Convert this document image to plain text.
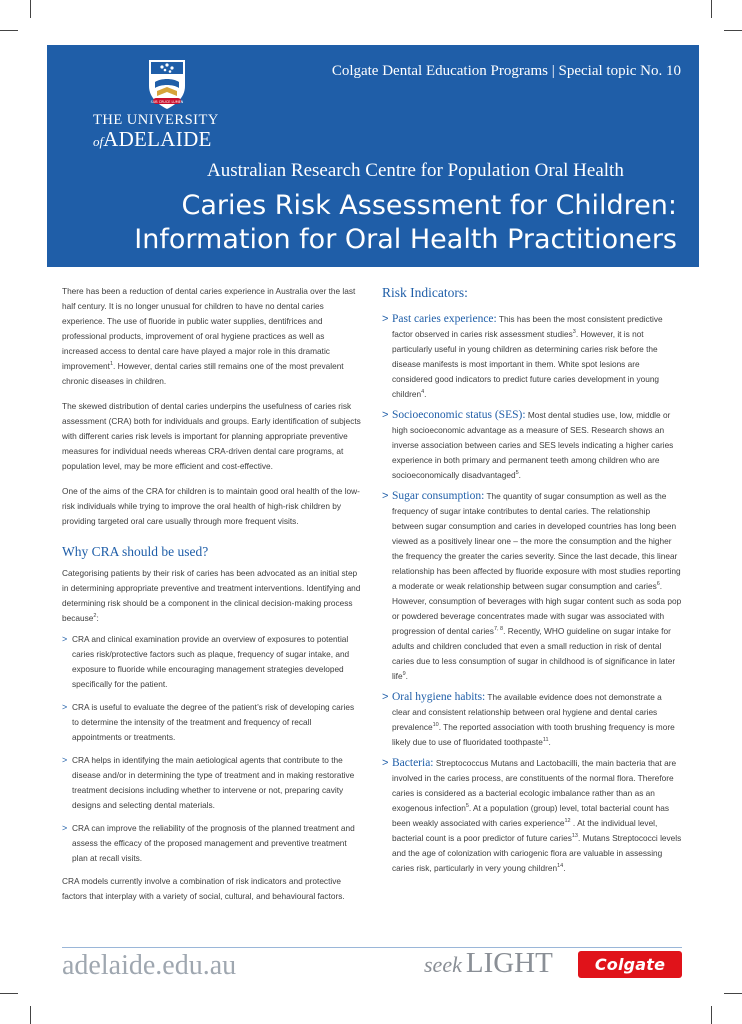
SUB CRUCE LUMEN
THE UNIVERSITY
ofADELAIDE
Colgate Dental Education Programs | Special topic No. 10
Australian Research Centre for Population Oral Health
Caries Risk Assessment for Children:
Information for Oral Health Practitioners

There has been a reduction of dental caries experience in Australia over the last half century. It is no longer unusual for children to have no dental caries experience. The use of fluoride in public water supplies, dentifrices and professional products, improvement of oral hygiene practices as well as increased access to dental care have played a major role in this dramatic improvement$^1$. However, dental caries still remains one of the most prevalent chronic diseases in children.

The skewed distribution of dental caries underpins the usefulness of caries risk assessment (CRA) both for individuals and groups. Early identification of subjects with different caries risk levels is important for planning appropriate preventive measures for individual needs whereas CRA-driven dental care programs, at population level, may be more efficient and cost-effective.

One of the aims of the CRA for children is to maintain good oral health of the low-risk individuals while trying to improve the oral health of high-risk children by providing targeted oral care usually through more frequent visits.

Why CRA should be used?

Categorising patients by their risk of caries has been advocated as an initial step in determining appropriate preventive and treatment interventions. Identifying and determining risk should be a component in the clinical decision-making process because$^2$:

> CRA and clinical examination provide an overview of exposures to potential caries risk/protective factors such as plaque, frequency of sugar intake, and exposure to fluoride while encouraging management strategies developed specifically for the patient.
> CRA is useful to evaluate the degree of the patient’s risk of developing caries to determine the intensity of the treatment and frequency of recall appointments or treatments.
> CRA helps in identifying the main aetiological agents that contribute to the disease and/or in determining the type of treatment and in making restorative treatment decisions including whether to intervene or not, preparing cavity designs and selecting dental materials.
> CRA can improve the reliability of the prognosis of the planned treatment and assess the efficacy of the proposed management and preventive treatment plan at recall visits.

CRA models currently involve a combination of risk indicators and protective factors that interplay with a variety of social, cultural, and behavioural factors.

Risk Indicators:
> Past caries experience: This has been the most consistent predictive factor observed in caries risk assessment studies$^3$. However, it is not particularly useful in young children as determining caries risk before the disease manifests is most important in them. White spot lesions are considered good indicators to predict future caries development in young children$^4$.
> Socioeconomic status (SES): Most dental studies use, low, middle or high socioeconomic advantage as a measure of SES. Research shows an inverse association between caries and SES levels indicating a higher caries experience in both primary and permanent teeth among children who are socioeconomically disadvantaged$^5$.
> Sugar consumption: The quantity of sugar consumption as well as the frequency of sugar intake contributes to dental caries. The relationship between sugar consumption and caries in developed countries has long been viewed as a positively linear one – the more the consumption and the higher the frequency the greater the caries severity. Since the last decade, this linear relationship has been affected by fluoride exposure with most studies reporting a moderate or weak relationship between sugar consumption and caries$^6$. However, consumption of beverages with high sugar content such as soda pop or powdered beverage concentrates made with sugar was associated with progression of dental caries$^{7, 8}$. Recently, WHO guideline on sugar intake for adults and children concluded that even a small reduction in risk of dental caries due to less consumption of sugar in childhood is of significance in later life$^9$.
> Oral hygiene habits: The available evidence does not demonstrate a clear and consistent relationship between oral hygiene and dental caries prevalence$^{10}$. The reported association with tooth brushing frequency is more likely due to use of fluoridated toothpaste$^{11}$.
> Bacteria: Streptococcus Mutans and Lactobacilli, the main bacteria that are involved in the caries process, are constituents of the normal flora. Therefore caries is considered as a bacterial ecologic imbalance rather than as an exogenous infection$^5$. At a population (group) level, total bacterial count has been weakly associated with caries experience$^{12}$ . At the individual level, bacterial count is a poor predictor of future caries$^{13}$. Mutans Streptococci levels and the age of colonization with cariogenic flora are valuable in assessing caries risk, particularly in very young children$^{14}$.
adelaide.edu.au	seek LIGHT	Colgate
